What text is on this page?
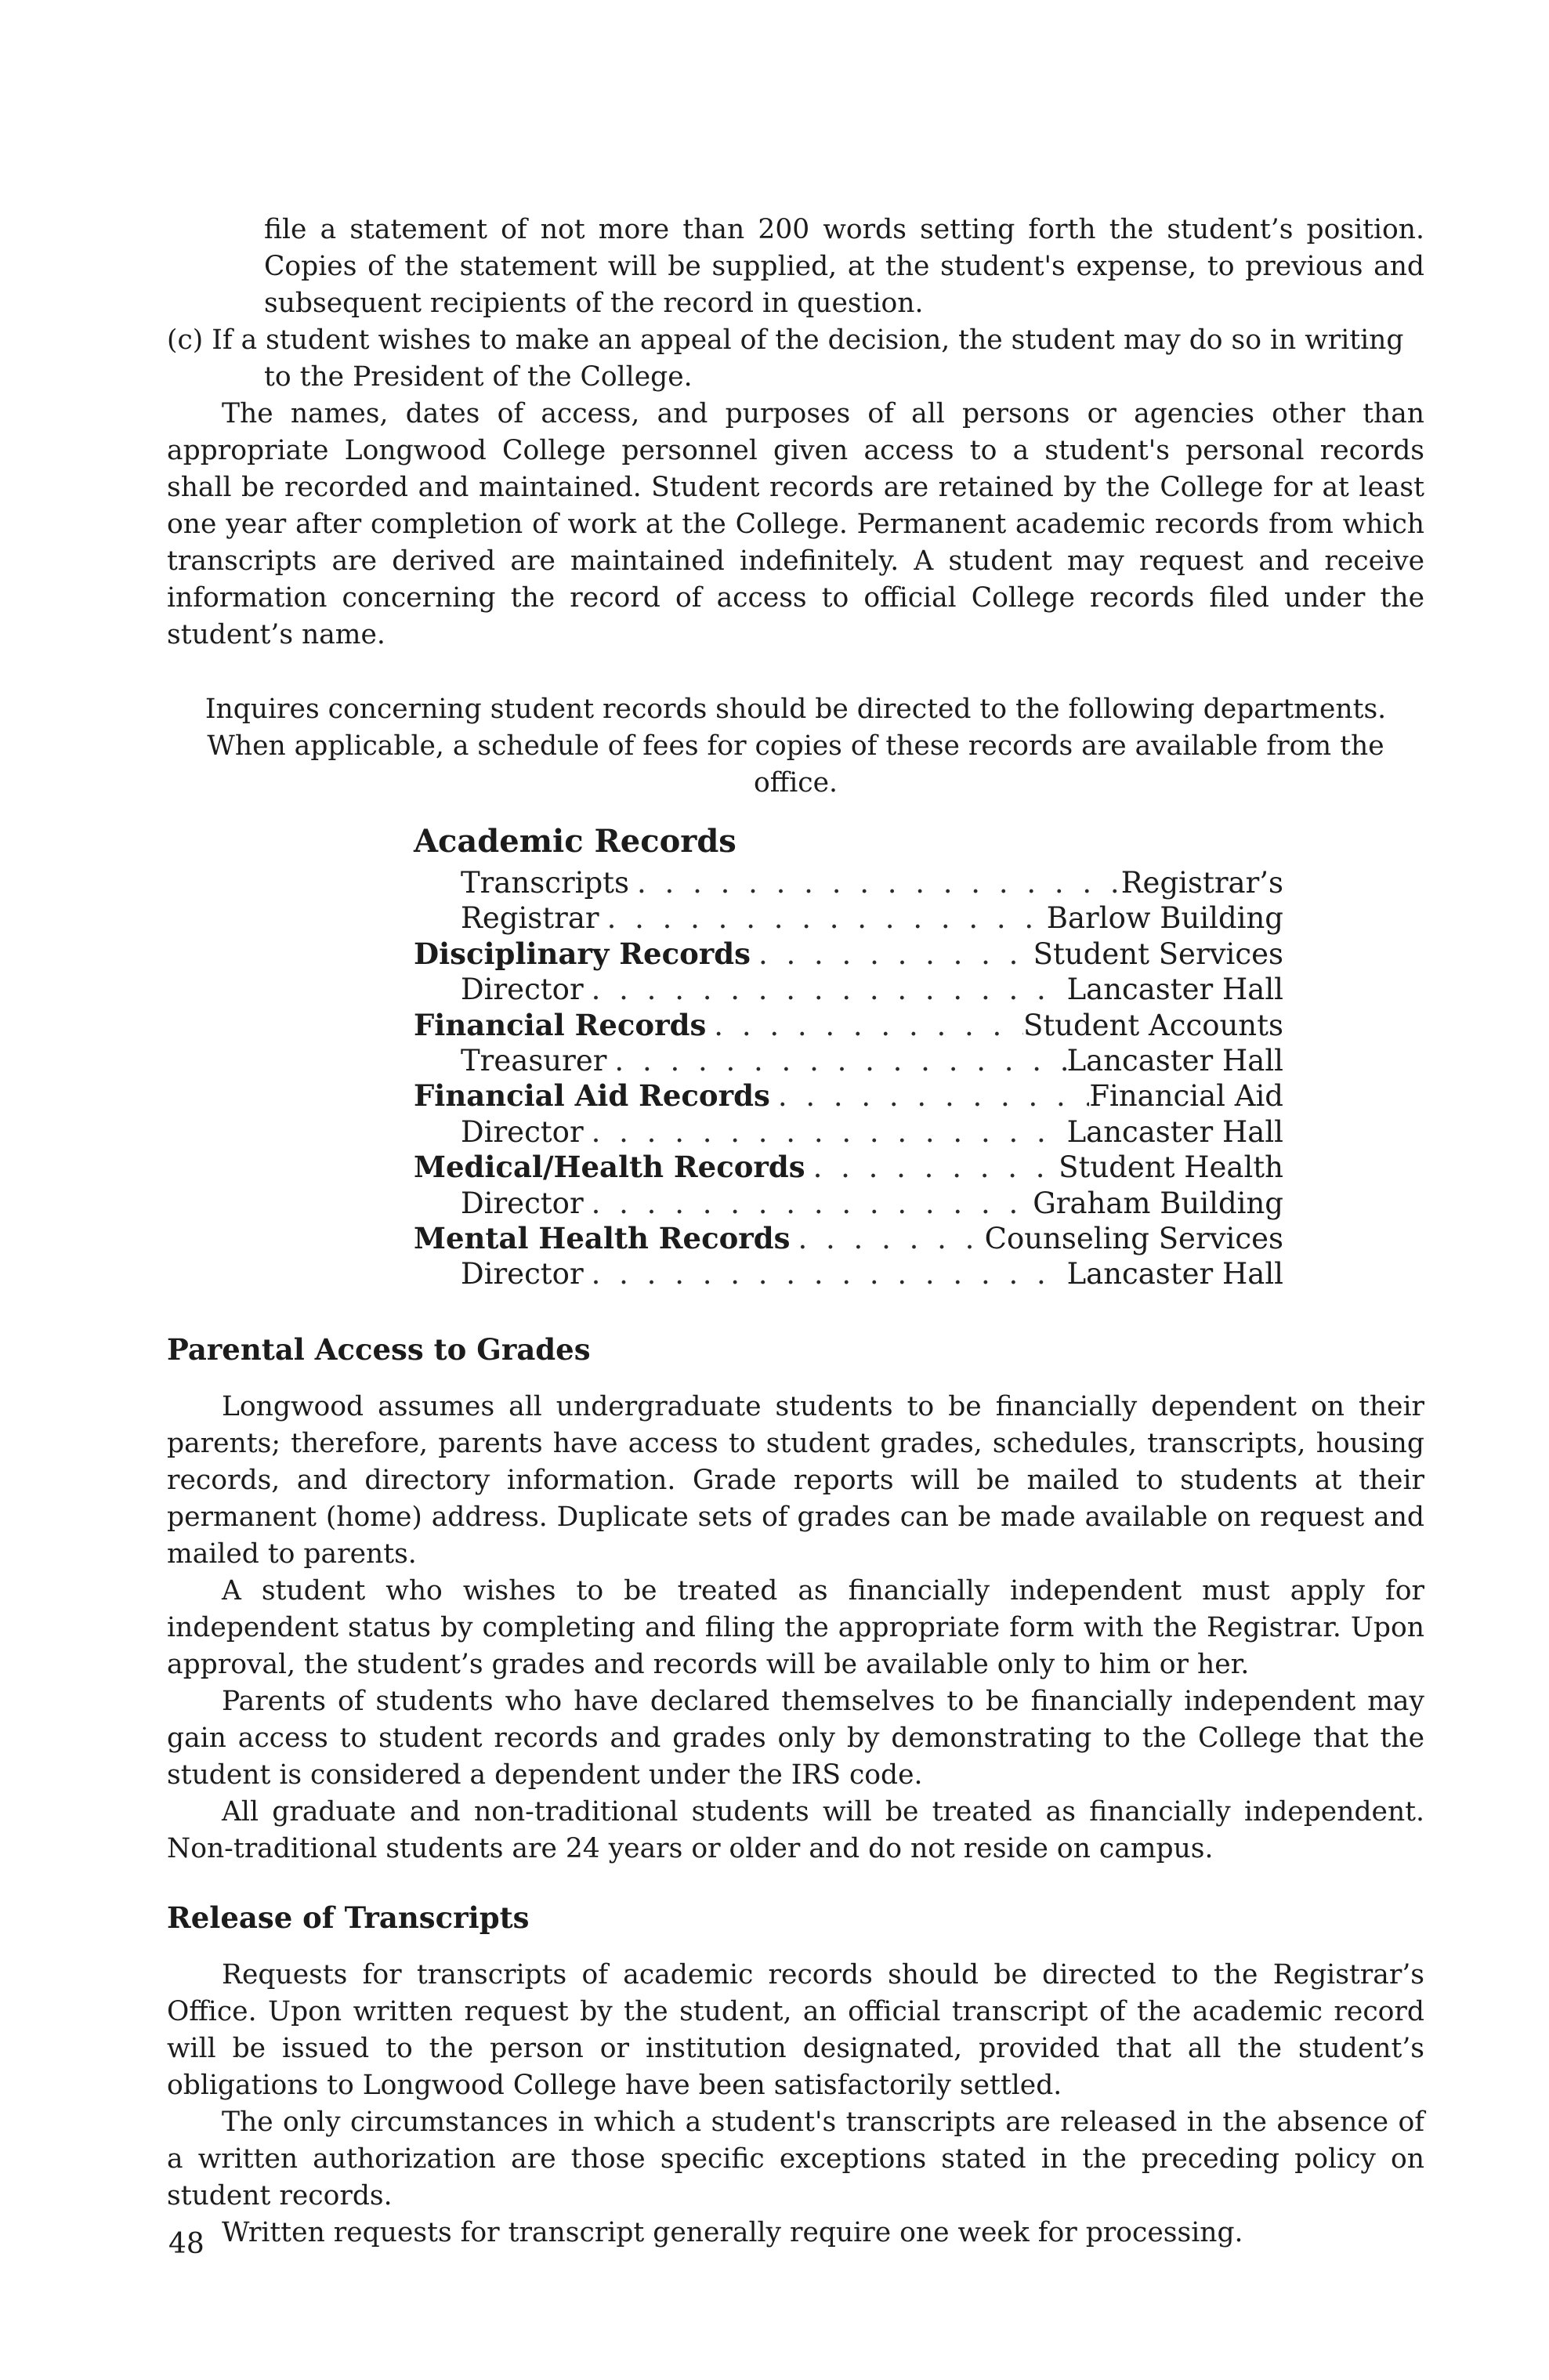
file a statement of not more than 200 words setting forth the student’s position. Copies of the statement will be supplied, at the student's expense, to previous and subsequent recipients of the record in question.

(c) If a student wishes to make an appeal of the decision, the student may do so in writing to the President of the College.

The names, dates of access, and purposes of all persons or agencies other than appropriate Longwood College personnel given access to a student's personal records shall be recorded and maintained. Student records are retained by the College for at least one year after completion of work at the College. Permanent academic records from which transcripts are derived are maintained indefinitely. A student may request and receive information concerning the record of access to official College records filed under the student’s name.

Inquires concerning student records should be directed to the following departments.
When applicable, a schedule of fees for copies of these records are available from the office.
Academic Records
Transcripts . . .	Registrar’s
Registrar . . .	Barlow Building
Disciplinary Records . . .	Student Services
Director . . .	Lancaster Hall
Financial Records . . .	Student Accounts
Treasurer . . .	Lancaster Hall
Financial Aid Records . . .	Financial Aid
Director . . .	Lancaster Hall
Medical/Health Records . . .	Student Health
Director . . .	Graham Building
Mental Health Records . . .	Counseling Services
Director . . .	Lancaster Hall
Parental Access to Grades

Longwood assumes all undergraduate students to be financially dependent on their parents; therefore, parents have access to student grades, schedules, transcripts, housing records, and directory information. Grade reports will be mailed to students at their permanent (home) address. Duplicate sets of grades can be made available on request and mailed to parents.

A student who wishes to be treated as financially independent must apply for independent status by completing and filing the appropriate form with the Registrar. Upon approval, the student’s grades and records will be available only to him or her.

Parents of students who have declared themselves to be financially independent may gain access to student records and grades only by demonstrating to the College that the student is considered a dependent under the IRS code.

All graduate and non-traditional students will be treated as financially independent. Non-traditional students are 24 years or older and do not reside on campus.

Release of Transcripts

Requests for transcripts of academic records should be directed to the Registrar’s Office. Upon written request by the student, an official transcript of the academic record will be issued to the person or institution designated, provided that all the student’s obligations to Longwood College have been satisfactorily settled.

The only circumstances in which a student's transcripts are released in the absence of a written authorization are those specific exceptions stated in the preceding policy on student records.

Written requests for transcript generally require one week for processing.

48
